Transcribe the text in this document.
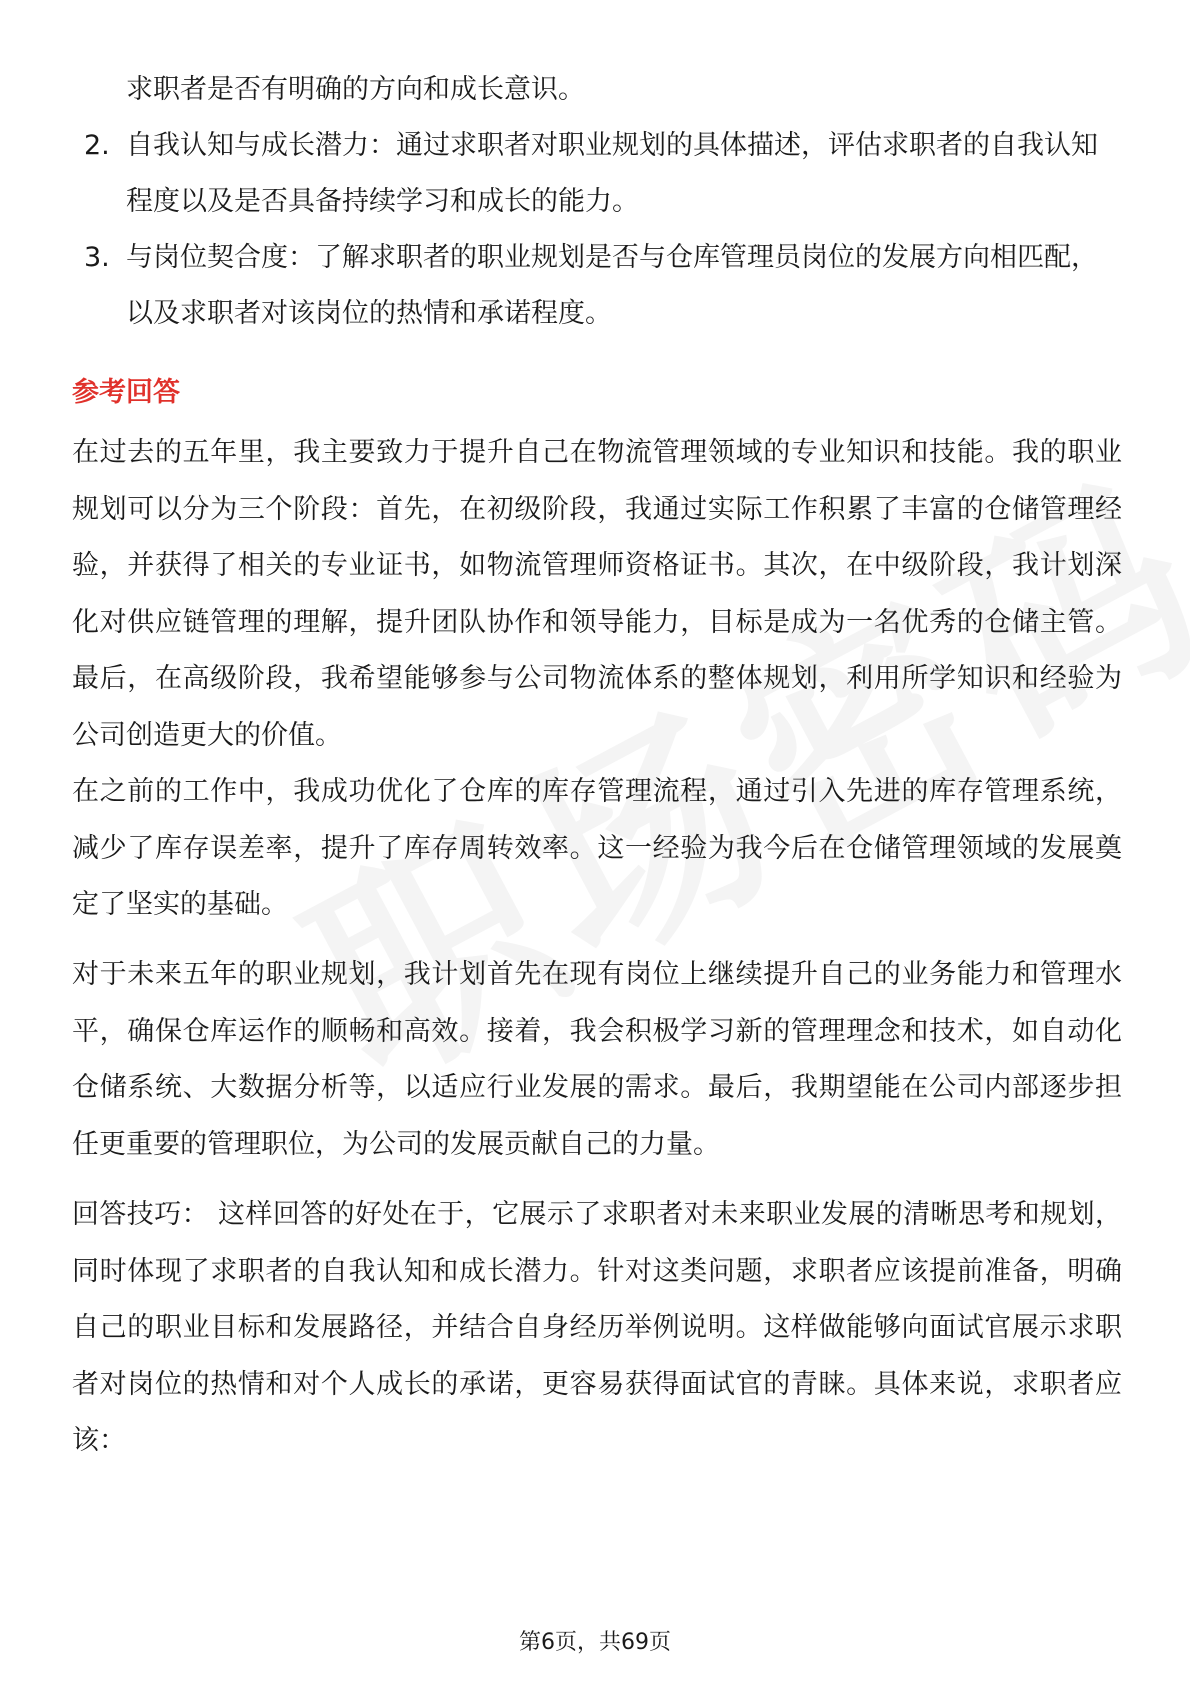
求职者是否有明确的方向和成长意识。
2. 自我认知与成长潜力：通过求职者对职业规划的具体描述，评估求职者的自我认知程度以及是否具备持续学习和成长的能力。
3. 与岗位契合度：了解求职者的职业规划是否与仓库管理员岗位的发展方向相匹配，以及求职者对该岗位的热情和承诺程度。
参考回答
在过去的五年里，我主要致力于提升自己在物流管理领域的专业知识和技能。我的职业规划可以分为三个阶段：首先，在初级阶段，我通过实际工作积累了丰富的仓储管理经验，并获得了相关的专业证书，如物流管理师资格证书。其次，在中级阶段，我计划深化对供应链管理的理解，提升团队协作和领导能力，目标是成为一名优秀的仓储主管。最后，在高级阶段，我希望能够参与公司物流体系的整体规划，利用所学知识和经验为公司创造更大的价值。
在之前的工作中，我成功优化了仓库的库存管理流程，通过引入先进的库存管理系统，减少了库存误差率，提升了库存周转效率。这一经验为我今后在仓储管理领域的发展奠定了坚实的基础。
对于未来五年的职业规划，我计划首先在现有岗位上继续提升自己的业务能力和管理水平，确保仓库运作的顺畅和高效。接着，我会积极学习新的管理理念和技术，如自动化仓储系统、大数据分析等，以适应行业发展的需求。最后，我期望能在公司内部逐步担任更重要的管理职位，为公司的发展贡献自己的力量。
回答技巧： 这样回答的好处在于，它展示了求职者对未来职业发展的清晰思考和规划，同时体现了求职者的自我认知和成长潜力。针对这类问题，求职者应该提前准备，明确自己的职业目标和发展路径，并结合自身经历举例说明。这样做能够向面试官展示求职者对岗位的热情和对个人成长的承诺，更容易获得面试官的青睐。具体来说，求职者应该：
第6页，共69页
